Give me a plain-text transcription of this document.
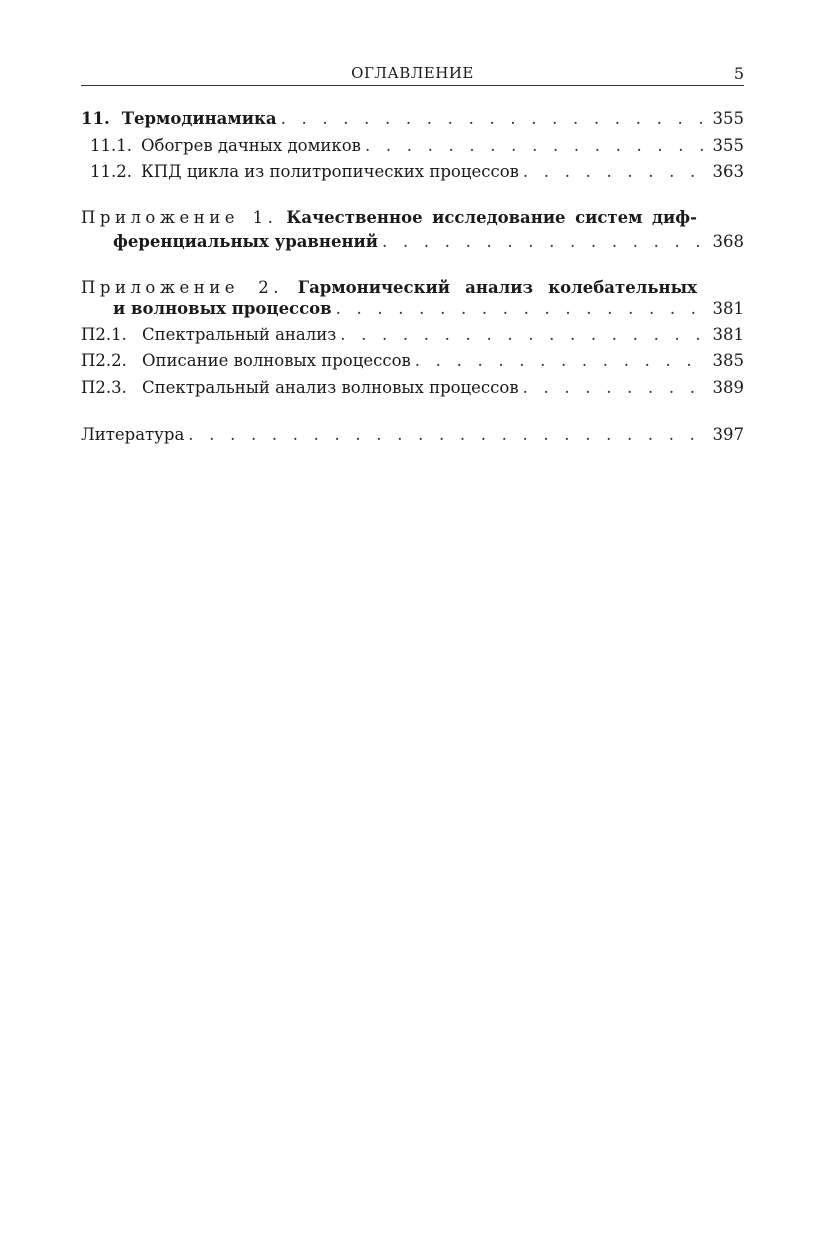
ОГЛАВЛЕНИЕ	5
11. Термодинамика . . .	355
11.1. Обогрев дачных домиков . . .	355
11.2. КПД цикла из политропических процессов . . .	363
Приложение 1. Качественное исследование систем диф-
ференциальных уравнений . . .	368
Приложение 2. Гармонический анализ колебательных
и волновых процессов . . .	381
П2.1. Спектральный анализ . . .	381
П2.2. Описание волновых процессов . . .	385
П2.3. Спектральный анализ волновых процессов . . .	389
Литература . . .	397
